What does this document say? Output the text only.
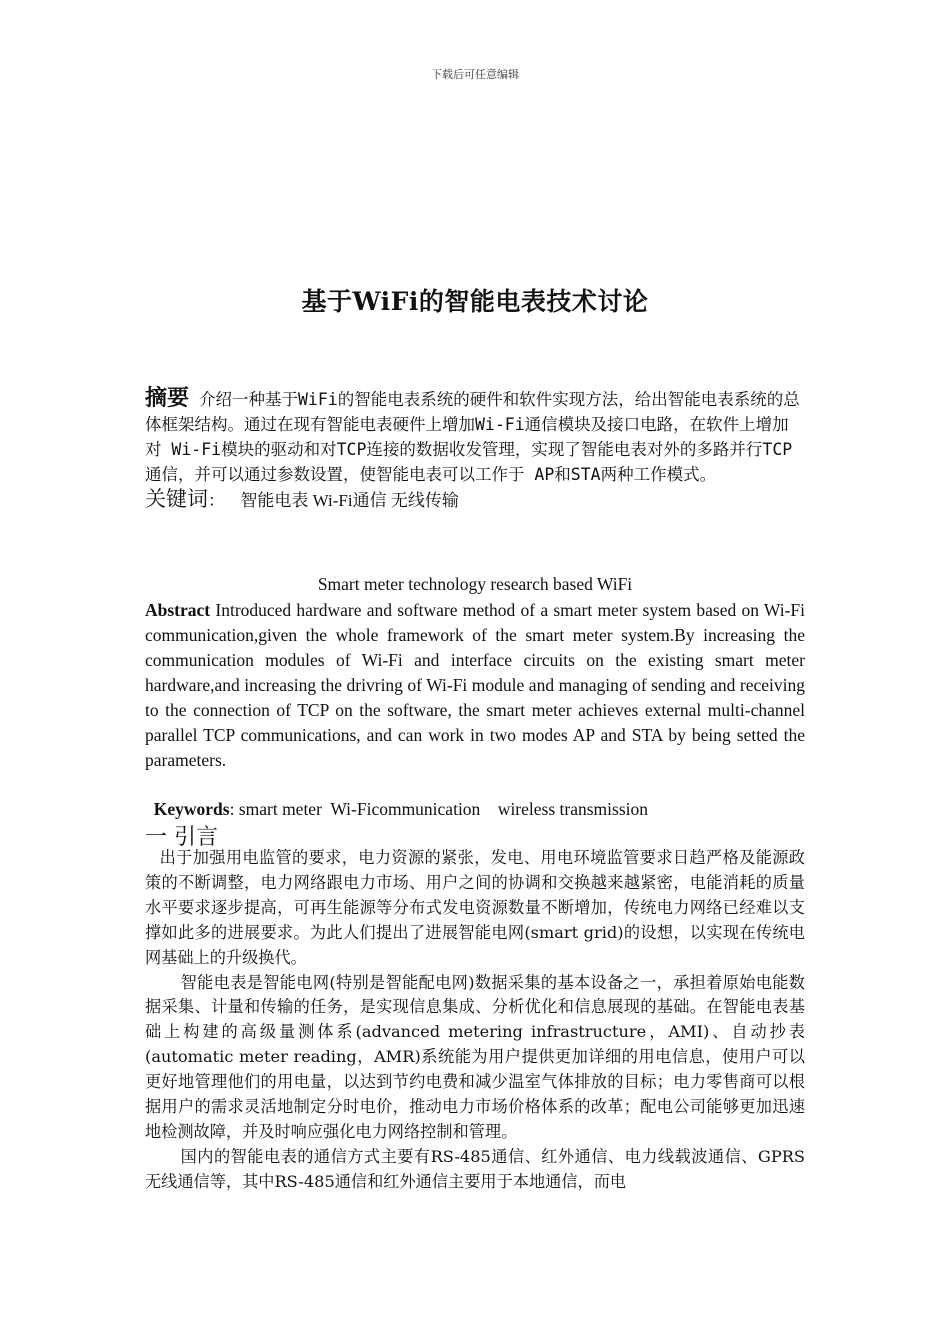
下载后可任意编辑
基于WiFi的智能电表技术讨论
摘要 介绍一种基于WiFi的智能电表系统的硬件和软件实现方法，给出智能电表系统的总体框架结构。通过在现有智能电表硬件上增加Wi-Fi通信模块及接口电路，在软件上增加对 Wi-Fi模块的驱动和对TCP连接的数据收发管理，实现了智能电表对外的多路并行TCP通信，并可以通过参数设置，使智能电表可以工作于 AP和STA两种工作模式。
关键词： 智能电表 Wi-Fi通信 无线传输
Smart meter technology research based WiFi
Abstract Introduced hardware and software method of a smart meter system based on Wi-Fi communication,given the whole framework of the smart meter system.By increasing the communication modules of Wi-Fi and interface circuits on the existing smart meter hardware,and increasing the drivring of Wi-Fi module and managing of sending and receiving to the connection of TCP on the software, the smart meter achieves external multi-channel parallel TCP communications, and can work in two modes AP and STA by being setted the parameters.

Keywords: smart meter  Wi-Ficommunication    wireless transmission

一 引言

出于加强用电监管的要求，电力资源的紧张，发电、用电环境监管要求日趋严格及能源政策的不断调整，电力网络跟电力市场、用户之间的协调和交换越来越紧密，电能消耗的质量水平要求逐步提高，可再生能源等分布式发电资源数量不断增加，传统电力网络已经难以支撑如此多的进展要求。为此人们提出了进展智能电网(smart grid)的设想，以实现在传统电网基础上的升级换代。

智能电表是智能电网(特别是智能配电网)数据采集的基本设备之一，承担着原始电能数据采集、计量和传输的任务，是实现信息集成、分析优化和信息展现的基础。在智能电表基础上构建的高级量测体系(advanced metering infrastructure，AMI)、自动抄表(automatic meter reading，AMR)系统能为用户提供更加详细的用电信息，使用户可以更好地管理他们的用电量，以达到节约电费和减少温室气体排放的目标；电力零售商可以根据用户的需求灵活地制定分时电价，推动电力市场价格体系的改革；配电公司能够更加迅速地检测故障，并及时响应强化电力网络控制和管理。

国内的智能电表的通信方式主要有RS-485通信、红外通信、电力线载波通信、GPRS无线通信等，其中RS-485通信和红外通信主要用于本地通信，而电
